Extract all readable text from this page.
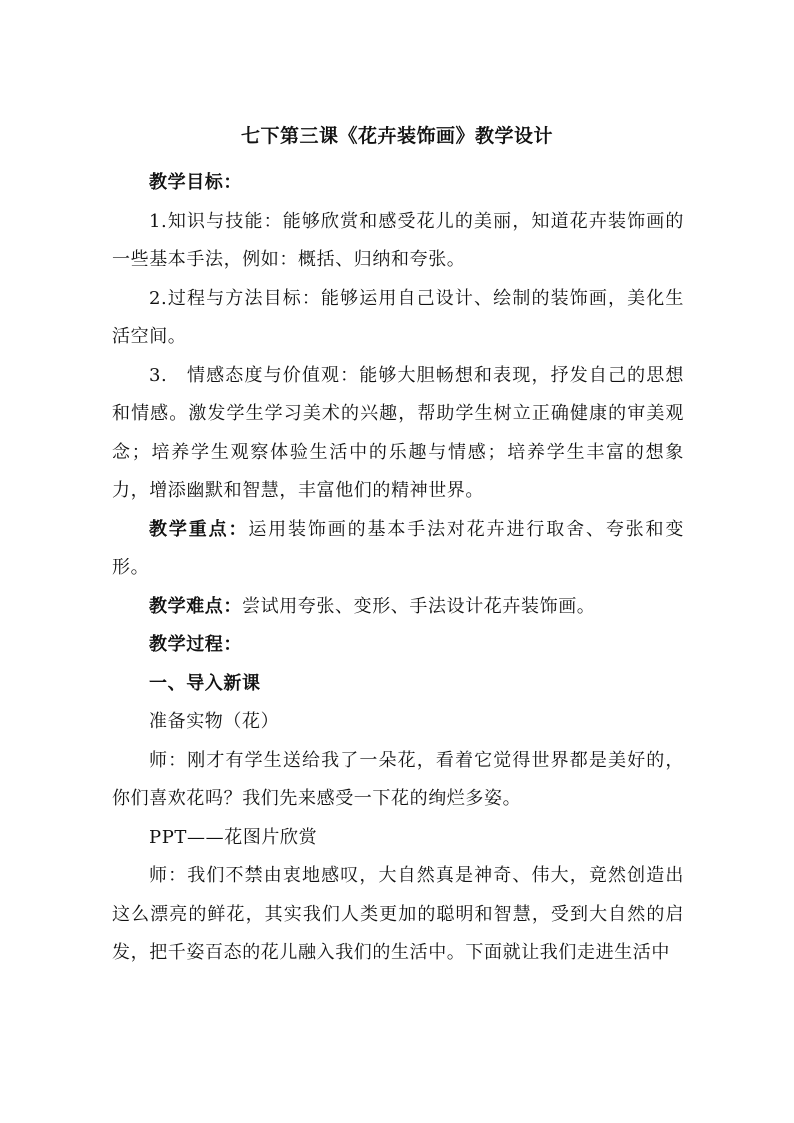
七下第三课《花卉装饰画》教学设计

教学目标：

1.知识与技能：能够欣赏和感受花儿的美丽，知道花卉装饰画的一些基本手法，例如：概括、归纳和夸张。

2.过程与方法目标：能够运用自己设计、绘制的装饰画，美化生活空间。

3.　情感态度与价值观：能够大胆畅想和表现，抒发自己的思想和情感。激发学生学习美术的兴趣，帮助学生树立正确健康的审美观念；培养学生观察体验生活中的乐趣与情感；培养学生丰富的想象力，增添幽默和智慧，丰富他们的精神世界。

教学重点：运用装饰画的基本手法对花卉进行取舍、夸张和变形。

教学难点：尝试用夸张、变形、手法设计花卉装饰画。

教学过程：

一、导入新课

准备实物（花）

师：刚才有学生送给我了一朵花，看着它觉得世界都是美好的，你们喜欢花吗？我们先来感受一下花的绚烂多姿。

PPT——花图片欣赏

师：我们不禁由衷地感叹，大自然真是神奇、伟大，竟然创造出这么漂亮的鲜花，其实我们人类更加的聪明和智慧，受到大自然的启发，把千姿百态的花儿融入我们的生活中。下面就让我们走进生活中
